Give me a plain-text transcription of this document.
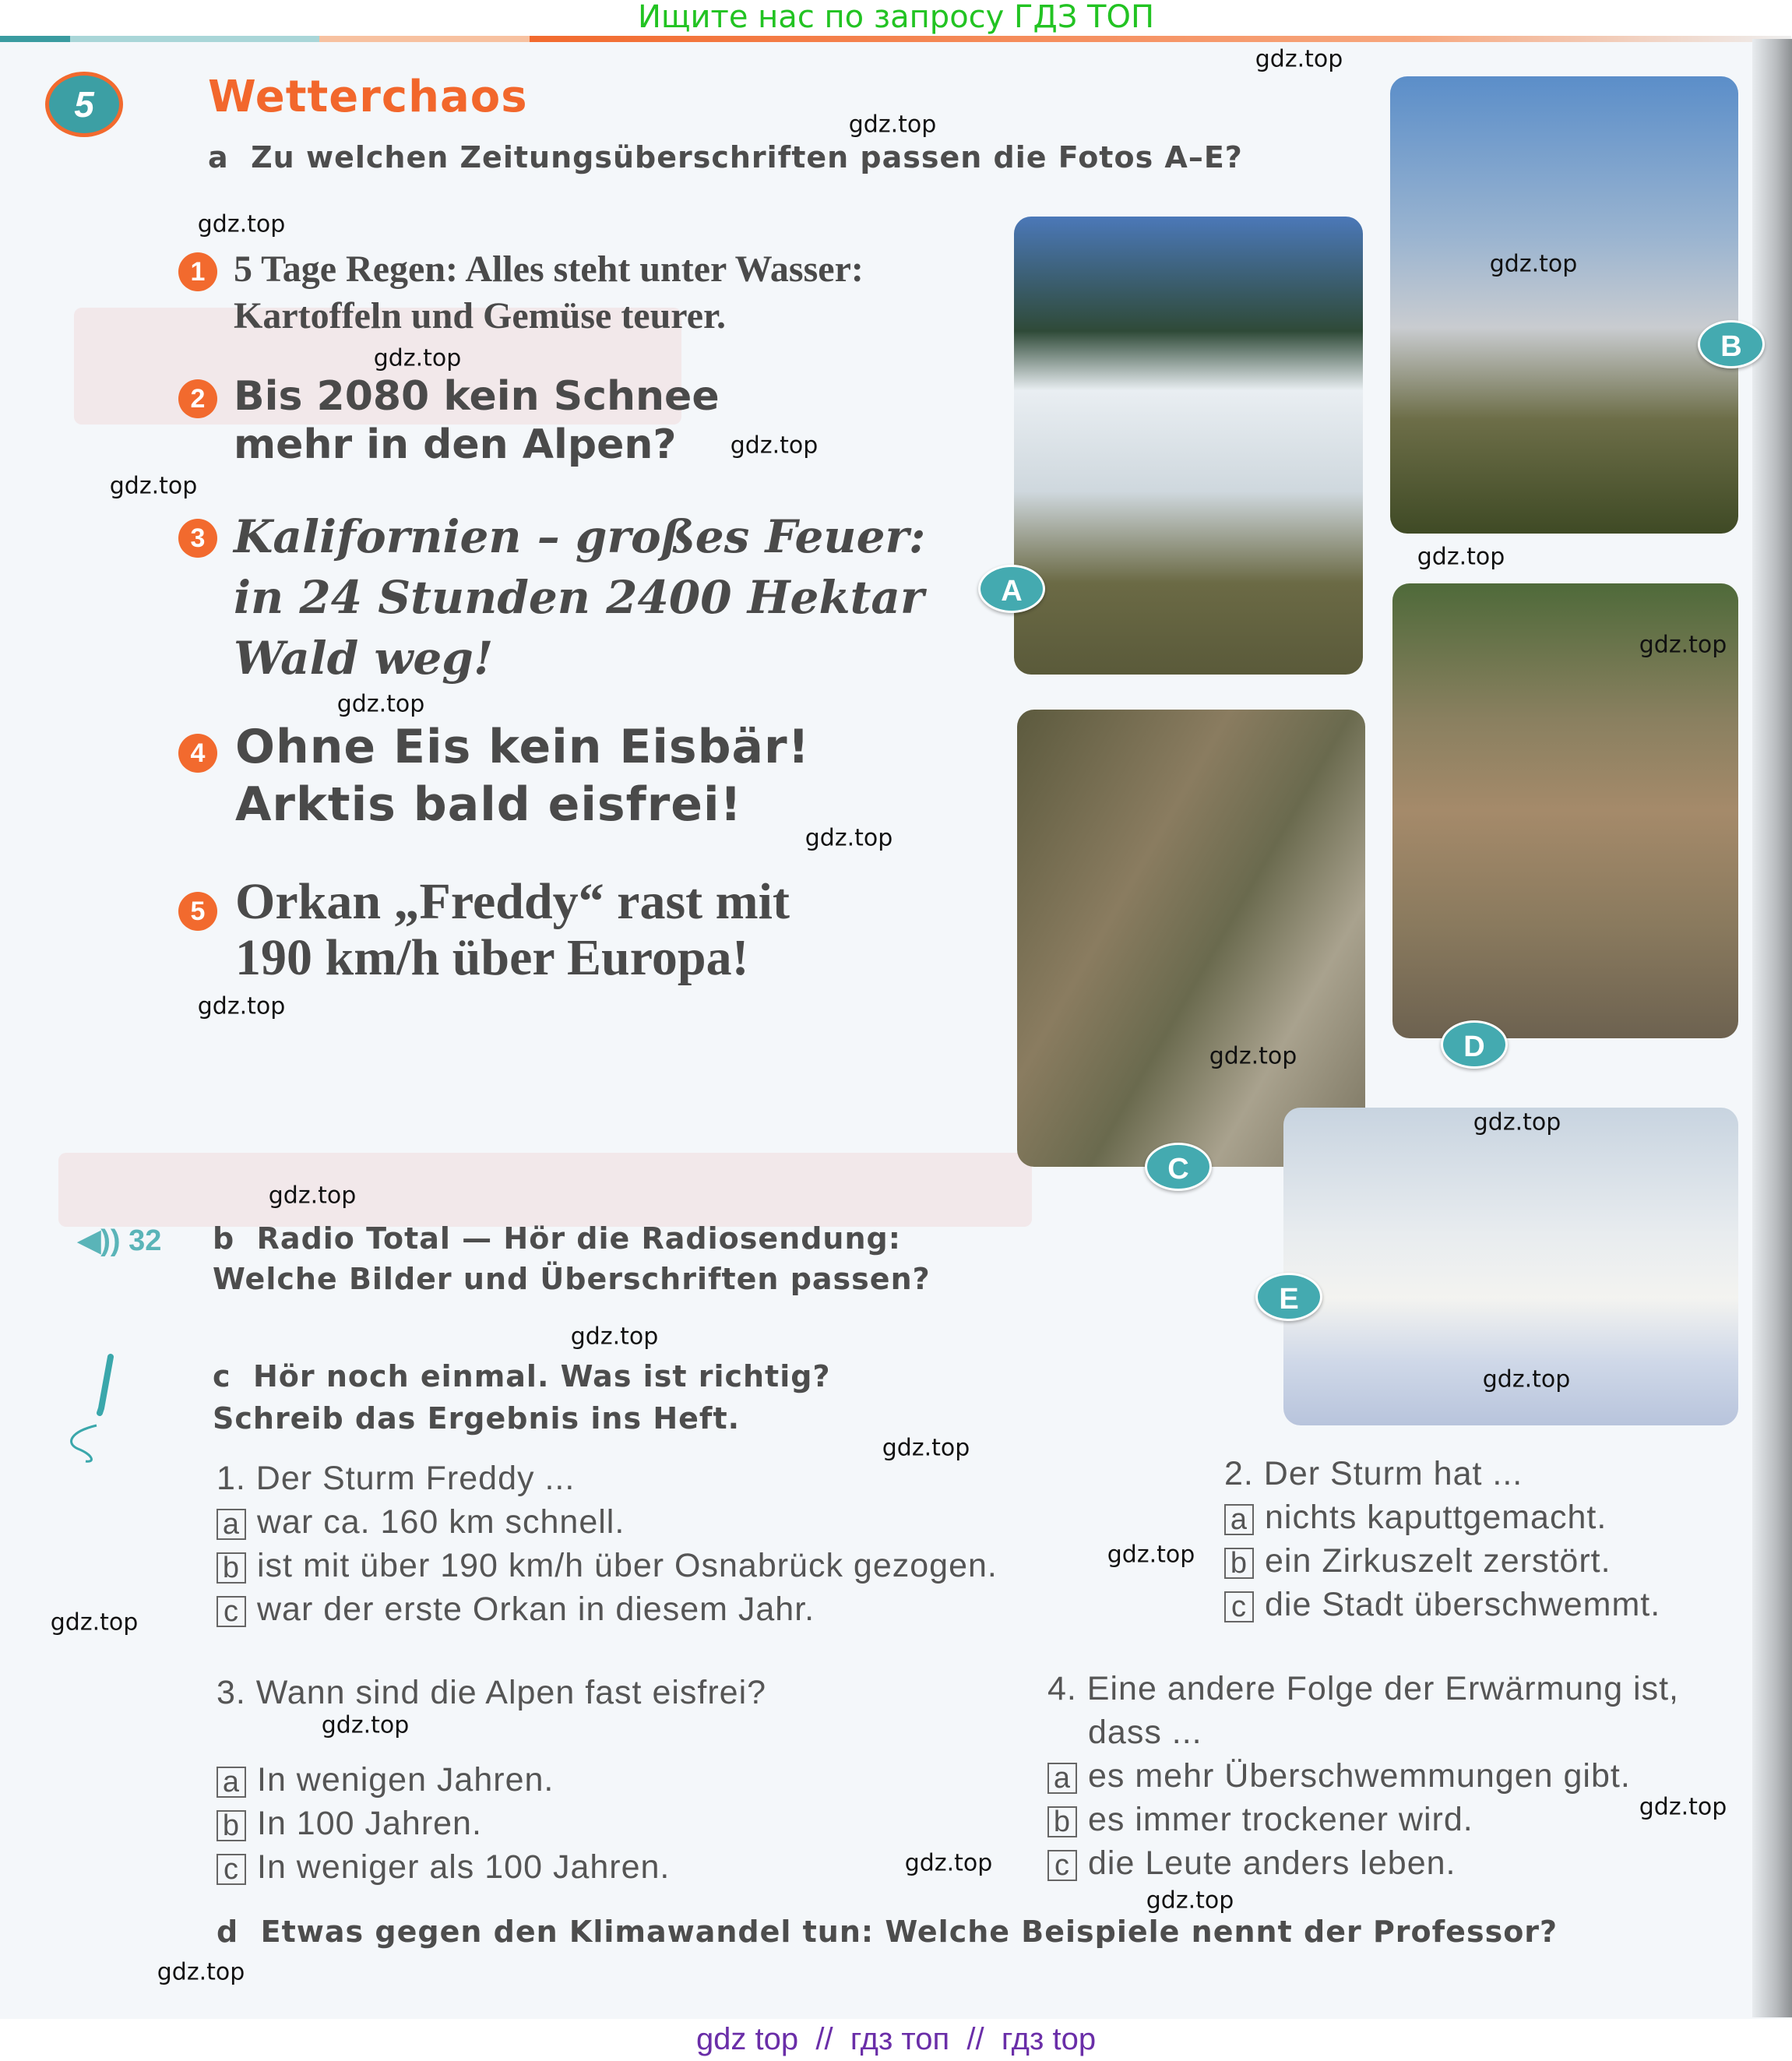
Ищите нас по запросу ГДЗ ТОП
5	Wetterchaos
a Zu welchen Zeitungsüberschriften passen die Fotos A–E?
1 5 Tage Regen: Alles steht unter Wasser:
Kartoffeln und Gemüse teurer.
2 Bis 2080 kein Schnee
mehr in den Alpen?
3 Kalifornien – großes Feuer:
in 24 Stunden 2400 Hektar
Wald weg!
4 Ohne Eis kein Eisbär!
Arktis bald eisfrei!
5 Orkan „Freddy“ rast mit
190 km/h über Europa!
A
B
D
C
E
◀)) 32 b Radio Total — Hör die Radiosendung:
Welche Bilder und Überschriften passen?
c Hör noch einmal. Was ist richtig?
Schreib das Ergebnis ins Heft.
1. Der Sturm Freddy ...
a war ca. 160 km schnell.
b ist mit über 190 km/h über Osnabrück gezogen.
c war der erste Orkan in diesem Jahr.
2. Der Sturm hat ...
a nichts kaputtgemacht.
b ein Zirkuszelt zerstört.
c die Stadt überschwemmt.
3. Wann sind die Alpen fast eisfrei?
a In wenigen Jahren.
b In 100 Jahren.
c In weniger als 100 Jahren.
4. Eine andere Folge der Erwärmung ist,
dass ...
a es mehr Überschwemmungen gibt.
b es immer trockener wird.
c die Leute anders leben.
d Etwas gegen den Klimawandel tun: Welche Beispiele nennt der Professor?
gdz.top
gdz.top
gdz.top
gdz.top
gdz.top
gdz.top
gdz.top
gdz.top
gdz.top
gdz.top
gdz.top
gdz.top
gdz.top
gdz.top
gdz.top
gdz.top
gdz.top
gdz.top
gdz.top
gdz.top
gdz.top
gdz.top
gdz.top
gdz.top
gdz.top
gdz top  //  гдз топ  //  гдз top
